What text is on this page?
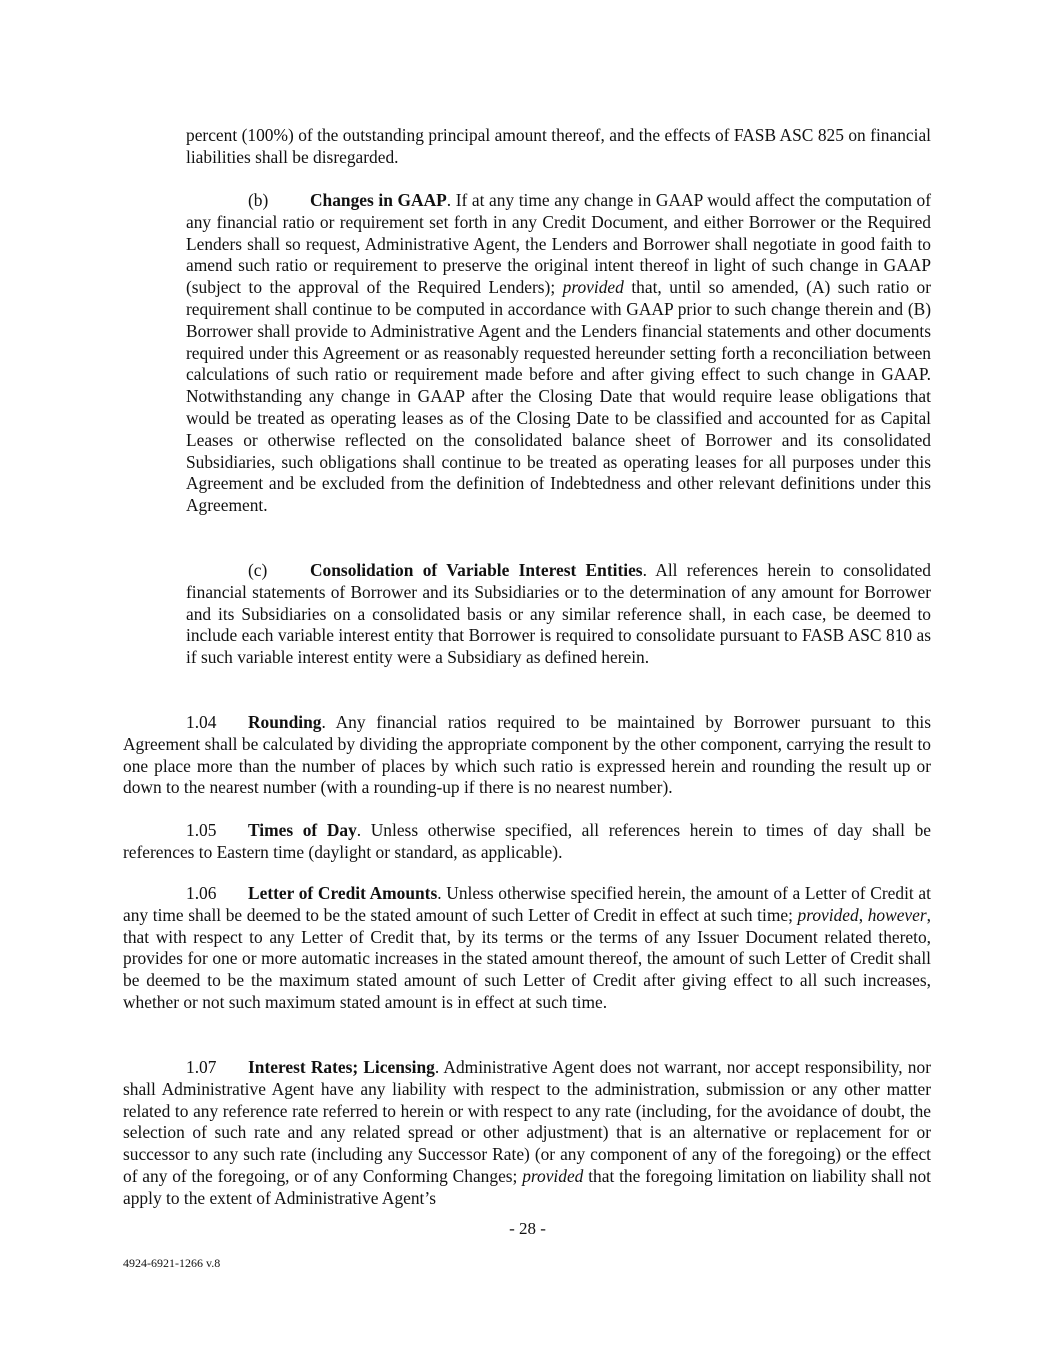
percent (100%) of the outstanding principal amount thereof, and the effects of FASB ASC 825 on financial liabilities shall be disregarded.

(b) Changes in GAAP. If at any time any change in GAAP would affect the computation of any financial ratio or requirement set forth in any Credit Document, and either Borrower or the Required Lenders shall so request, Administrative Agent, the Lenders and Borrower shall negotiate in good faith to amend such ratio or requirement to preserve the original intent thereof in light of such change in GAAP (subject to the approval of the Required Lenders); provided that, until so amended, (A) such ratio or requirement shall continue to be computed in accordance with GAAP prior to such change therein and (B) Borrower shall provide to Administrative Agent and the Lenders financial statements and other documents required under this Agreement or as reasonably requested hereunder setting forth a reconciliation between calculations of such ratio or requirement made before and after giving effect to such change in GAAP. Notwithstanding any change in GAAP after the Closing Date that would require lease obligations that would be treated as operating leases as of the Closing Date to be classified and accounted for as Capital Leases or otherwise reflected on the consolidated balance sheet of Borrower and its consolidated Subsidiaries, such obligations shall continue to be treated as operating leases for all purposes under this Agreement and be excluded from the definition of Indebtedness and other relevant definitions under this Agreement.

(c) Consolidation of Variable Interest Entities. All references herein to consolidated financial statements of Borrower and its Subsidiaries or to the determination of any amount for Borrower and its Subsidiaries on a consolidated basis or any similar reference shall, in each case, be deemed to include each variable interest entity that Borrower is required to consolidate pursuant to FASB ASC 810 as if such variable interest entity were a Subsidiary as defined herein.

1.04 Rounding. Any financial ratios required to be maintained by Borrower pursuant to this Agreement shall be calculated by dividing the appropriate component by the other component, carrying the result to one place more than the number of places by which such ratio is expressed herein and rounding the result up or down to the nearest number (with a rounding-up if there is no nearest number).

1.05 Times of Day. Unless otherwise specified, all references herein to times of day shall be references to Eastern time (daylight or standard, as applicable).

1.06 Letter of Credit Amounts. Unless otherwise specified herein, the amount of a Letter of Credit at any time shall be deemed to be the stated amount of such Letter of Credit in effect at such time; provided, however, that with respect to any Letter of Credit that, by its terms or the terms of any Issuer Document related thereto, provides for one or more automatic increases in the stated amount thereof, the amount of such Letter of Credit shall be deemed to be the maximum stated amount of such Letter of Credit after giving effect to all such increases, whether or not such maximum stated amount is in effect at such time.

1.07 Interest Rates; Licensing. Administrative Agent does not warrant, nor accept responsibility, nor shall Administrative Agent have any liability with respect to the administration, submission or any other matter related to any reference rate referred to herein or with respect to any rate (including, for the avoidance of doubt, the selection of such rate and any related spread or other adjustment) that is an alternative or replacement for or successor to any such rate (including any Successor Rate) (or any component of any of the foregoing) or the effect of any of the foregoing, or of any Conforming Changes; provided that the foregoing limitation on liability shall not apply to the extent of Administrative Agent’s

- 28 -
4924-6921-1266 v.8
